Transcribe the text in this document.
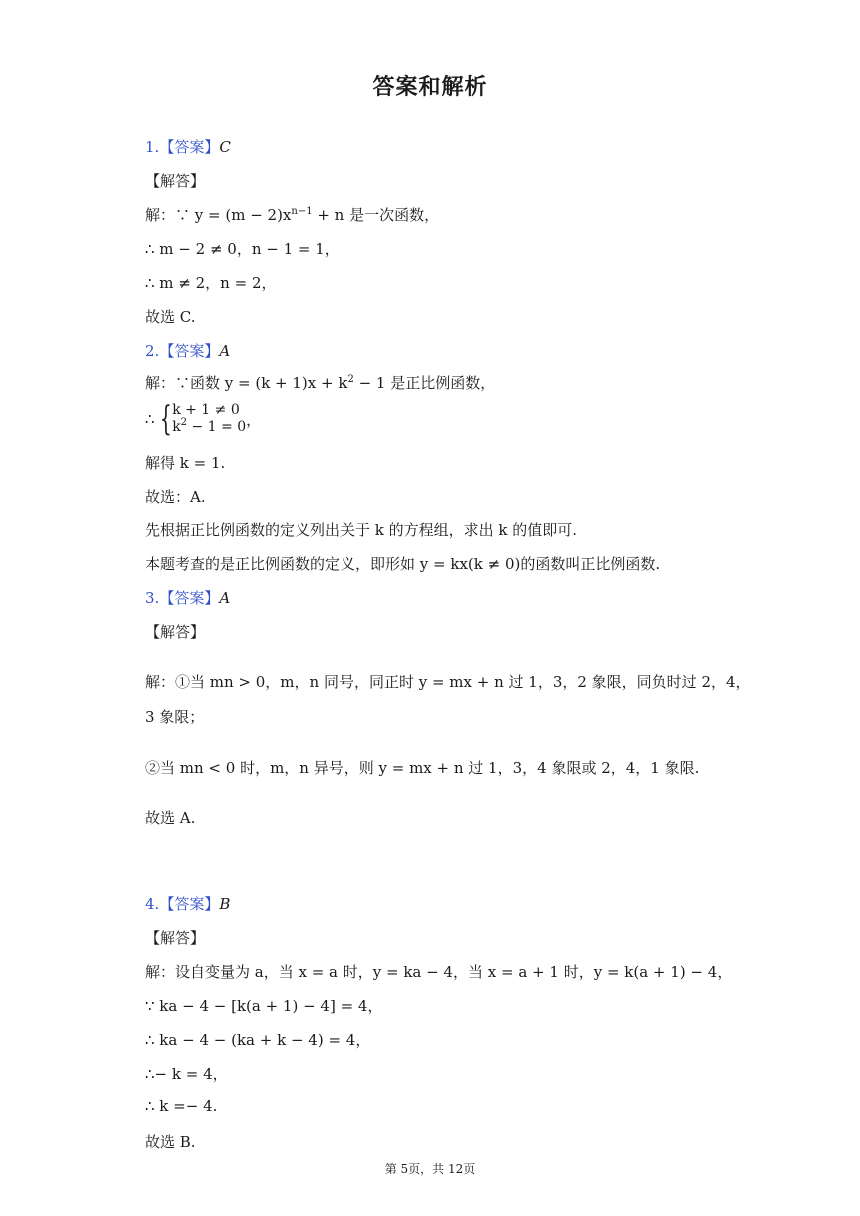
答案和解析
1.【答案】C
【解答】
解：∵ $y = (m - 2)x^{n-1} + n$ 是一次函数，
∴ m − 2 ≠ 0，n − 1 = 1，
∴ m ≠ 2，n = 2，
故选 C.
2.【答案】A
解：∵函数 $y = (k + 1)x + k^2 - 1$ 是正比例函数，
∴ { k + 1 ≠ 0
$k^2 - 1 = 0$ ，
解得 k = 1.
故选：A.
先根据正比例函数的定义列出关于 k 的方程组，求出 k 的值即可.
本题考查的是正比例函数的定义，即形如 y = kx(k ≠ 0)的函数叫正比例函数.
3.【答案】A
【解答】
解：①当 mn > 0，m，n 同号，同正时 y = mx + n 过 1，3，2 象限，同负时过 2，4，
3 象限；
②当 mn < 0 时，m，n 异号，则 y = mx + n 过 1，3，4 象限或 2，4，1 象限.
故选 A.
4.【答案】B
【解答】
解：设自变量为 a，当 x = a 时，y = ka − 4，当 x = a + 1 时，y = k(a + 1) − 4，
∵ ka − 4 − [k(a + 1) − 4] = 4，
∴ ka − 4 − (ka + k − 4) = 4，
∴− k = 4，
∴ k =− 4.
故选 B.
第 5页，共 12页
